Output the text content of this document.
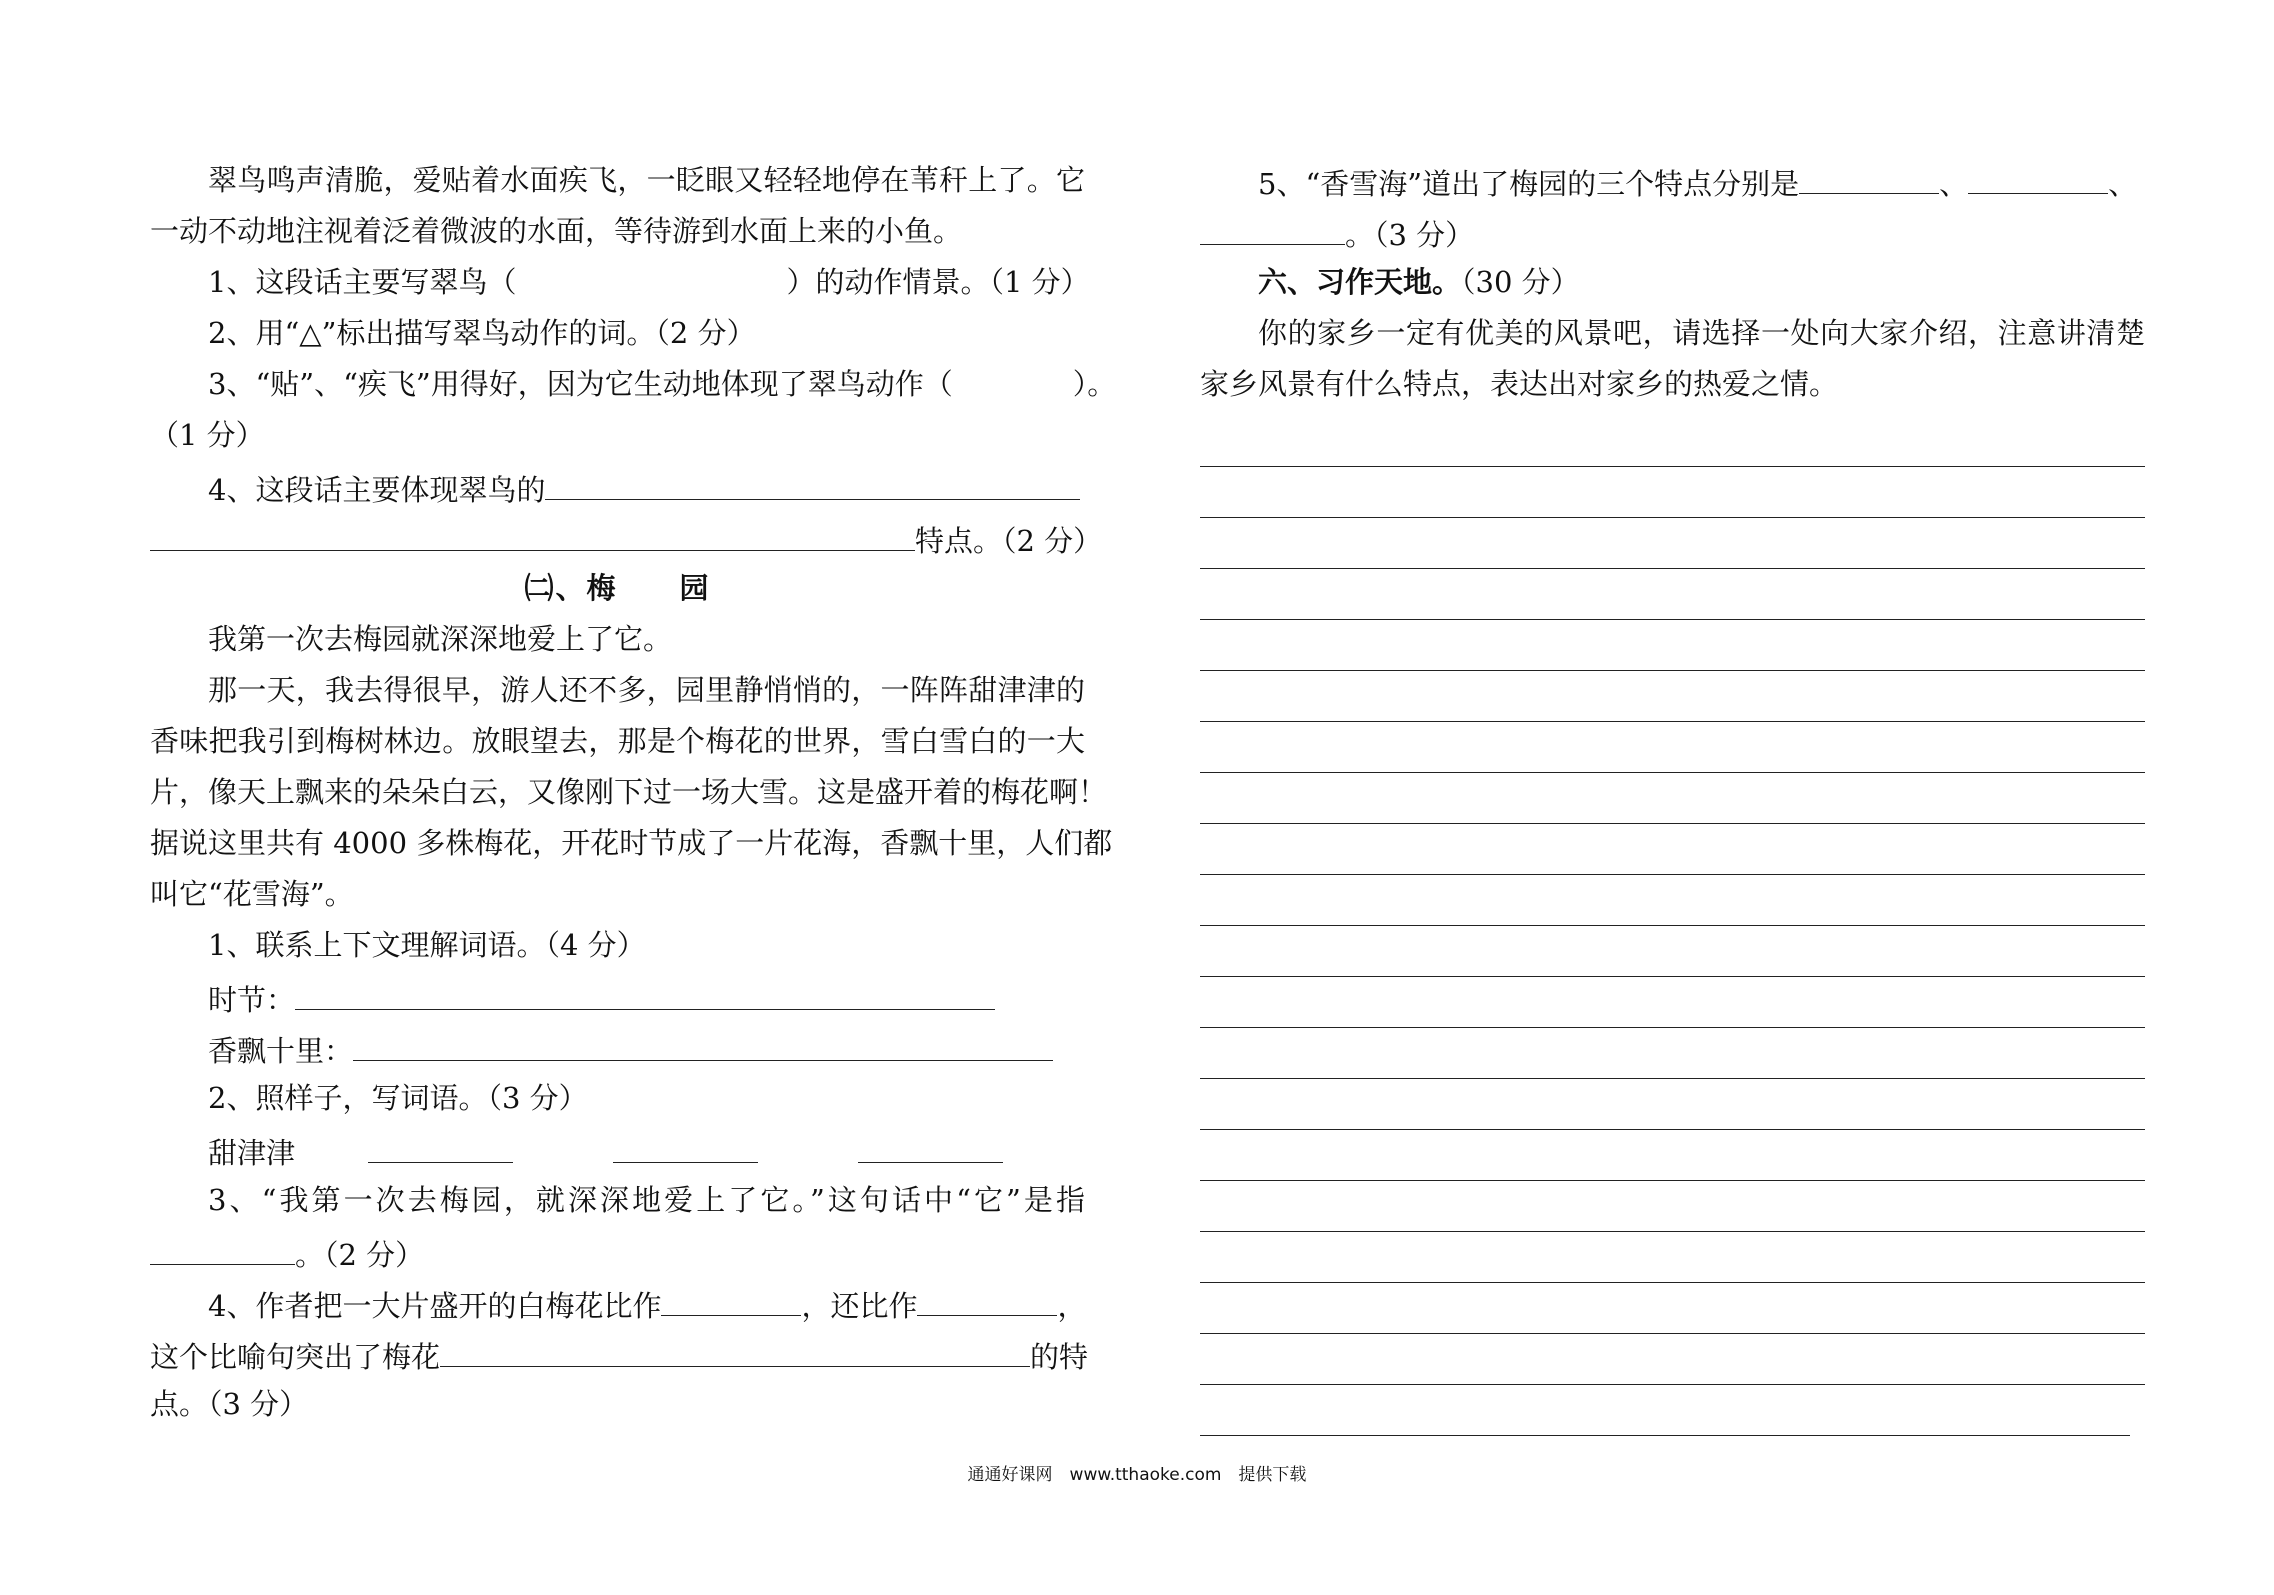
翠鸟鸣声清脆，爱贴着水面疾飞，一眨眼又轻轻地停在苇秆上了。它
一动不动地注视着泛着微波的水面，等待游到水面上来的小鱼。
1、这段话主要写翠鸟（	）的动作情景。（1 分）
2、用“△”标出描写翠鸟动作的词。（2 分）
3、“贴”、“疾飞”用得好，因为它生动地体现了翠鸟动作（	）。
（1 分）
4、这段话主要体现翠鸟的
特点。（2 分）
㈡、梅　　园
我第一次去梅园就深深地爱上了它。
那一天，我去得很早，游人还不多，园里静悄悄的，一阵阵甜津津的
香味把我引到梅树林边。放眼望去，那是个梅花的世界，雪白雪白的一大
片，像天上飘来的朵朵白云，又像刚下过一场大雪。这是盛开着的梅花啊！
据说这里共有 4000 多株梅花，开花时节成了一片花海，香飘十里，人们都
叫它“花雪海”。
1、联系上下文理解词语。（4 分）
时节：
香飘十里：
2、照样子，写词语。（3 分）
甜津津
3、“我第一次去梅园，就深深地爱上了它。”这句话中“它”是指
。（2 分）
4、作者把一大片盛开的白梅花比作	，还比作	，
这个比喻句突出了梅花	的特
点。（3 分）
5、“香雪海”道出了梅园的三个特点分别是	、	、
。（3 分）
六、习作天地。（30 分）
你的家乡一定有优美的风景吧，请选择一处向大家介绍，注意讲清楚
家乡风景有什么特点，表达出对家乡的热爱之情。
通通好课网　www.tthaoke.com　提供下载
